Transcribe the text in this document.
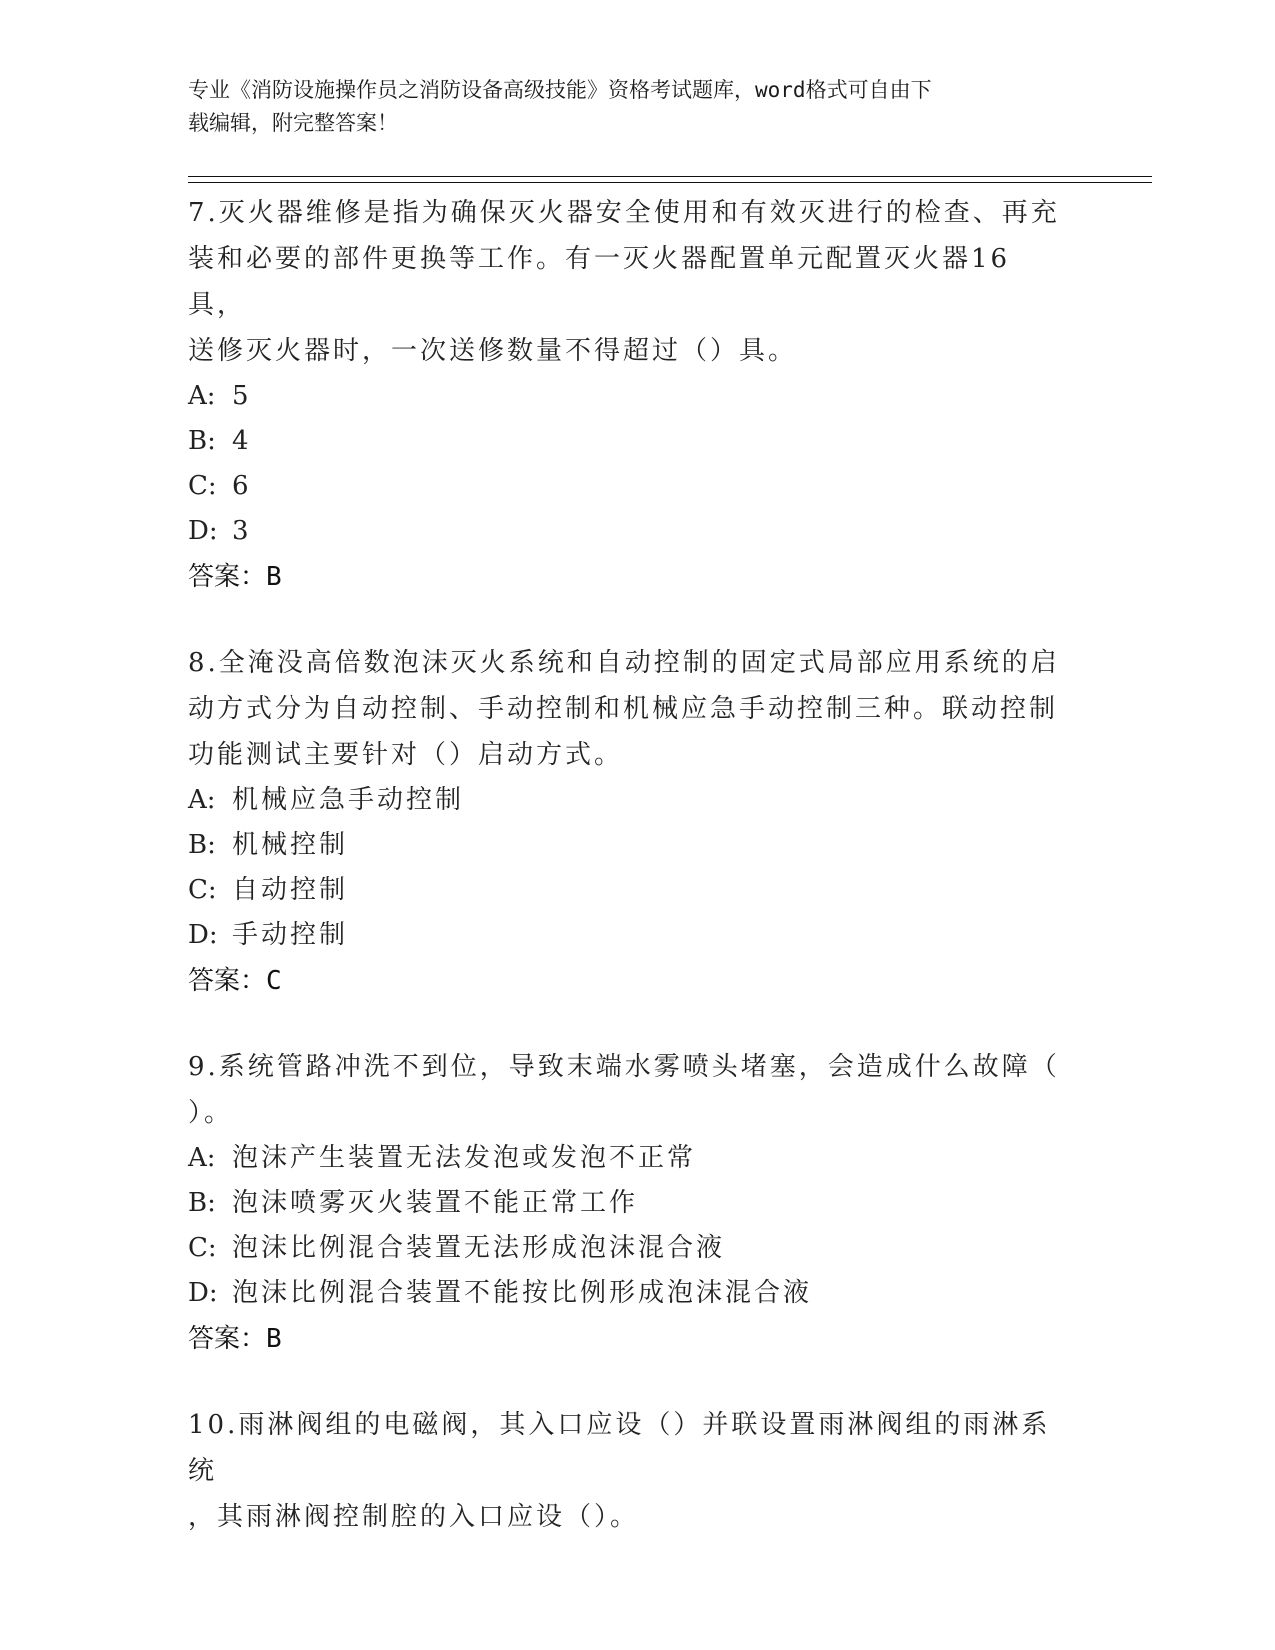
专业《消防设施操作员之消防设备高级技能》资格考试题库，word格式可自由下
载编辑，附完整答案！
7.灭火器维修是指为确保灭火器安全使用和有效灭进行的检查、再充
装和必要的部件更换等工作。有一灭火器配置单元配置灭火器16具，
送修灭火器时，一次送修数量不得超过（）具。
A: 5
B: 4
C: 6
D: 3
答案：B
8.全淹没高倍数泡沫灭火系统和自动控制的固定式局部应用系统的启
动方式分为自动控制、手动控制和机械应急手动控制三种。联动控制
功能测试主要针对（）启动方式。
A: 机械应急手动控制
B: 机械控制
C: 自动控制
D: 手动控制
答案：C
9.系统管路冲洗不到位，导致末端水雾喷头堵塞，会造成什么故障（
）。
A: 泡沫产生装置无法发泡或发泡不正常
B: 泡沫喷雾灭火装置不能正常工作
C: 泡沫比例混合装置无法形成泡沫混合液
D: 泡沫比例混合装置不能按比例形成泡沫混合液
答案：B
10.雨淋阀组的电磁阀，其入口应设（）并联设置雨淋阀组的雨淋系统
，其雨淋阀控制腔的入口应设（）。
